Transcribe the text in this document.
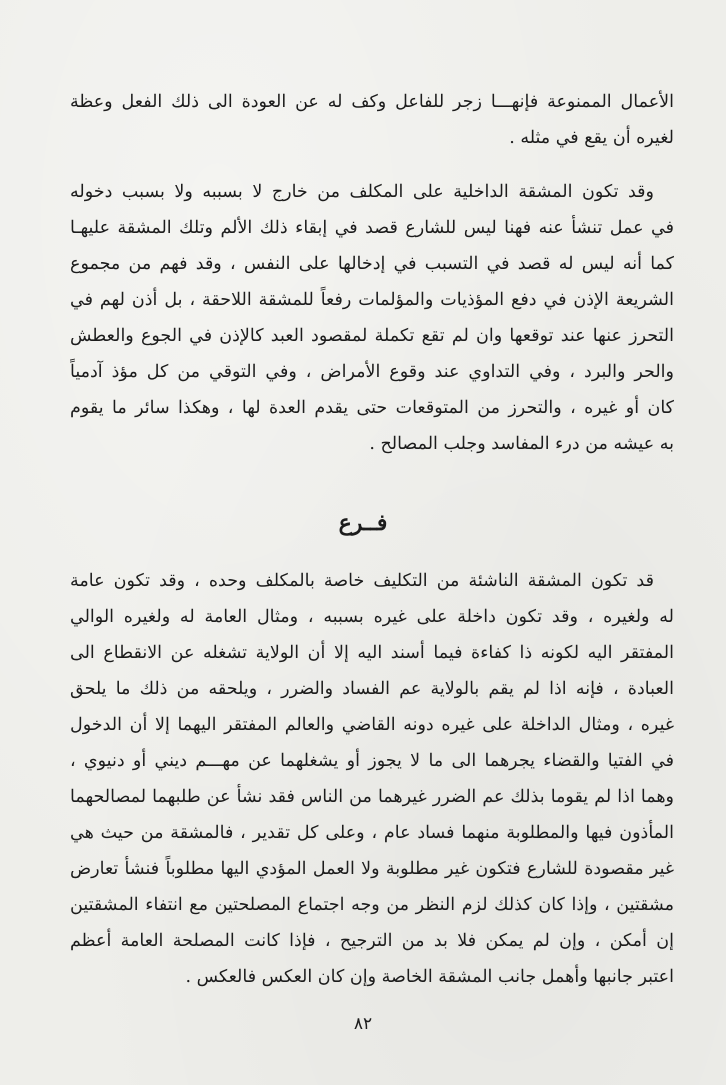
الأعمال الممنوعة فإنهـــا زجر للفاعل وكف له عن العودة الى ذلك الفعل وعظة
لغيره أن يقع في مثله .
وقد تكون المشقة الداخلية على المكلف من خارج لا بسببه ولا بسبب دخوله
في عمل تنشأ عنه فهنا ليس للشارع قصد في إبقاء ذلك الألم وتلك المشقة عليهـا
كما أنه ليس له قصد في التسبب في إدخالها على النفس ، وقد فهم من مجموع
الشريعة الإذن في دفع المؤذيات والمؤلمات رفعاً للمشقة اللاحقة ، بل أذن لهم في
التحرز عنها عند توقعها وان لم تقع تكملة لمقصود العبد كالإذن في الجوع والعطش
والحر والبرد ، وفي التداوي عند وقوع الأمراض ، وفي التوقي من كل مؤذ آدمياً
كان أو غيره ، والتحرز من المتوقعات حتى يقدم العدة لها ، وهكذا سائر ما يقوم
به عيشه من درء المفاسد وجلب المصالح .
فــرع
قد تكون المشقة الناشئة من التكليف خاصة بالمكلف وحده ، وقد تكون عامة
له ولغيره ، وقد تكون داخلة على غيره بسببه ، ومثال العامة له ولغيره الوالي
المفتقر اليه لكونه ذا كفاءة فيما أسند اليه إلا أن الولاية تشغله عن الانقطاع الى
العبادة ، فإنه اذا لم يقم بالولاية عم الفساد والضرر ، ويلحقه من ذلك ما يلحق
غيره ، ومثال الداخلة على غيره دونه القاضي والعالم المفتقر اليهما إلا أن الدخول
في الفتيا والقضاء يجرهما الى ما لا يجوز أو يشغلهما عن مهـــم ديني أو دنيوي ،
وهما اذا لم يقوما بذلك عم الضرر غيرهما من الناس فقد نشأ عن طلبهما لمصالحهما
المأذون فيها والمطلوبة منهما فساد عام ، وعلى كل تقدير ، فالمشقة من حيث هي
غير مقصودة للشارع فتكون غير مطلوبة ولا العمل المؤدي اليها مطلوباً فنشأ تعارض
مشقتين ، وإذا كان كذلك لزم النظر من وجه اجتماع المصلحتين مع انتفاء المشقتين
إن أمكن ، وإن لم يمكن فلا بد من الترجيح ، فإذا كانت المصلحة العامة أعظم
اعتبر جانبها وأهمل جانب المشقة الخاصة وإن كان العكس فالعكس .
٨٢
